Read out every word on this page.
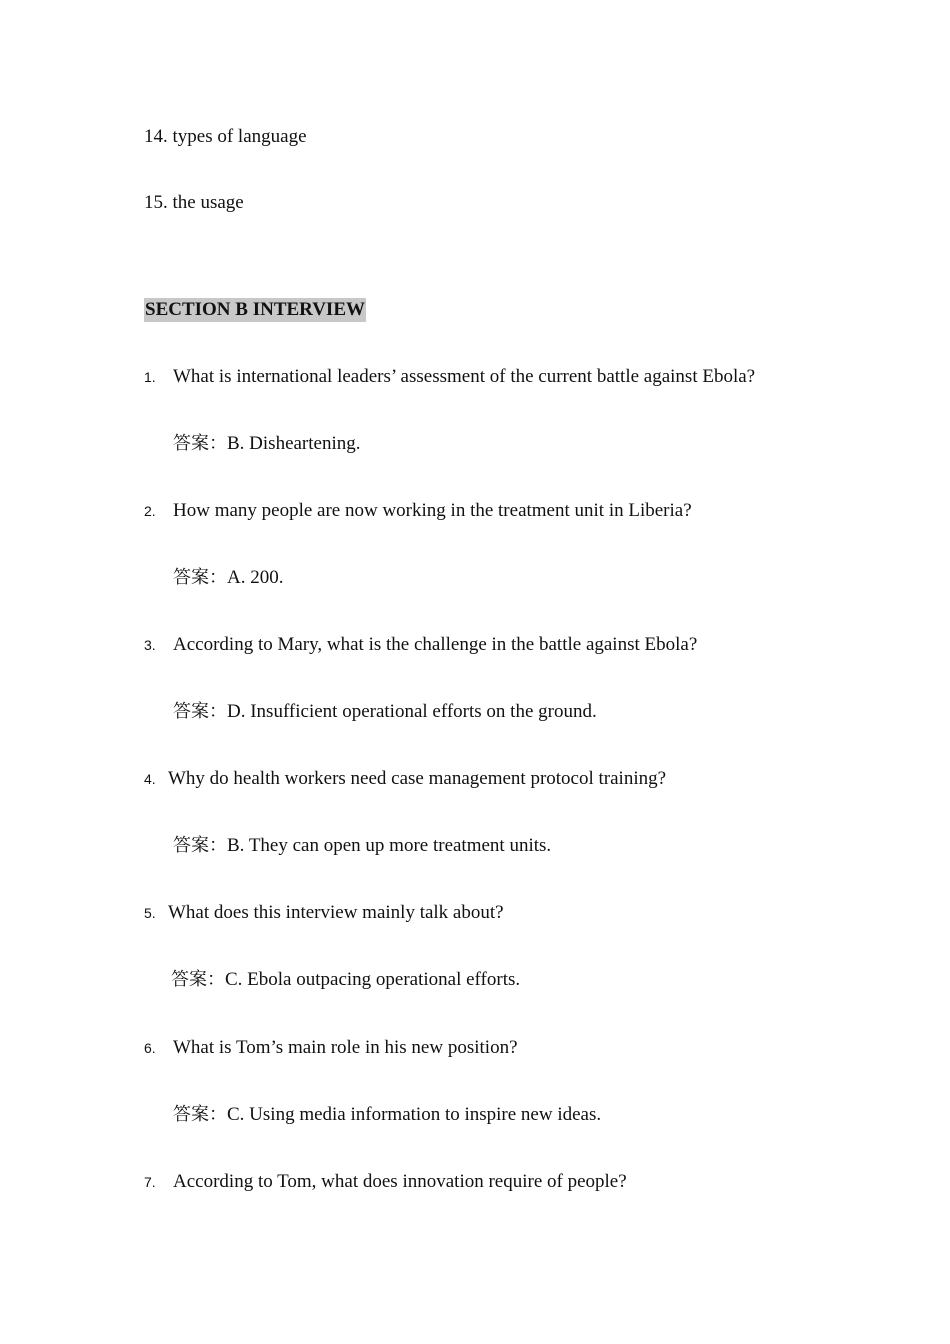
14. types of language
15. the usage
SECTION B INTERVIEW
1. What is international leaders’ assessment of the current battle against Ebola?
答案：B. Disheartening.
2. How many people are now working in the treatment unit in Liberia?
答案：A. 200.
3. According to Mary, what is the challenge in the battle against Ebola?
答案：D. Insufficient operational efforts on the ground.
4. Why do health workers need case management protocol training?
答案：B. They can open up more treatment units.
5. What does this interview mainly talk about?
答案：C. Ebola outpacing operational efforts.
6. What is Tom’s main role in his new position?
答案：C. Using media information to inspire new ideas.
7. According to Tom, what does innovation require of people?
